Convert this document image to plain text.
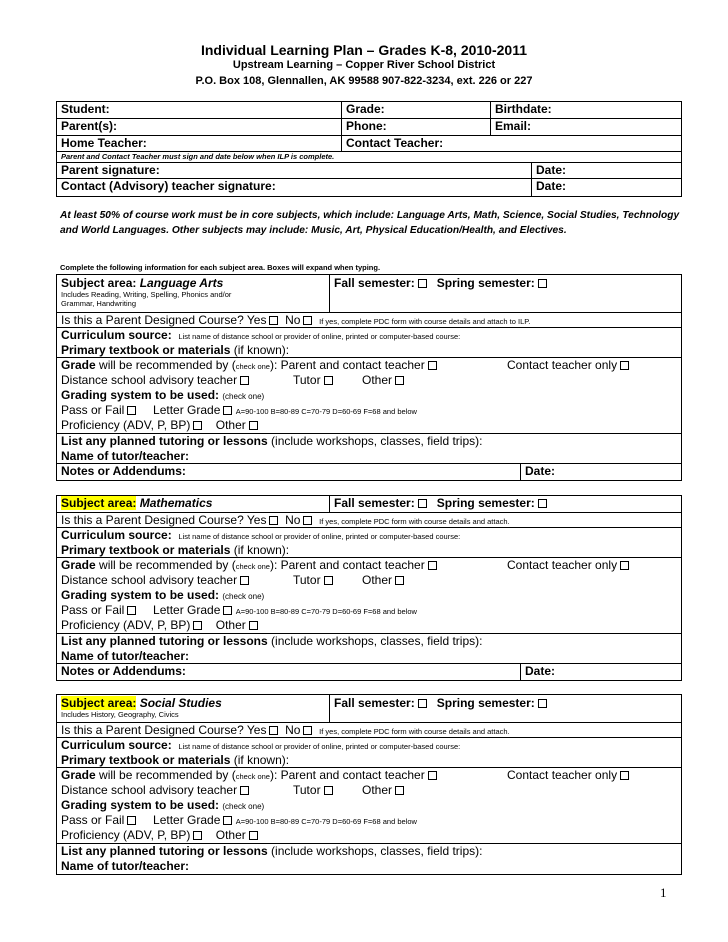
Individual Learning Plan – Grades K-8, 2010-2011
Upstream Learning – Copper River School District
P.O. Box 108, Glennallen, AK 99588 907-822-3234, ext. 226 or 227
Student:	Grade:	Birthdate:
Parent(s):	Phone:	Email:
Home Teacher:	Contact Teacher:
Parent and Contact Teacher must sign and date below when ILP is complete.
Parent signature:	Date:
Contact (Advisory) teacher signature:	Date:
At least 50% of course work must be in core subjects, which include: Language Arts, Math, Science, Social Studies, Technology and World Languages. Other subjects may include: Music, Art, Physical Education/Health, and Electives.
Complete the following information for each subject area. Boxes will expand when typing.
Subject area: Language Arts
Includes Reading, Writing, Spelling, Phonics and/or
Grammar, Handwriting
Fall semester: Spring semester:
Is this a Parent Designed Course? Yes No If yes, complete PDC form with course details and attach to ILP.
Curriculum source: List name of distance school or provider of online, printed or computer-based course:
Primary textbook or materials (if known):
Grade will be recommended by (check one): Parent and contact teacher	Contact teacher only
Distance school advisory teacher	Tutor	Other
Grading system to be used: (check one)
Pass or Fail Letter Grade A=90-100 B=80-89 C=70-79 D=60-69 F=68 and below
Proficiency (ADV, P, BP) Other
List any planned tutoring or lessons (include workshops, classes, field trips):
Name of tutor/teacher:
Notes or Addendums:	Date:
Subject area: Mathematics	Fall semester: Spring semester:
Is this a Parent Designed Course? Yes No If yes, complete PDC form with course details and attach.
Curriculum source: List name of distance school or provider of online, printed or computer-based course:
Primary textbook or materials (if known):
Grade will be recommended by (check one): Parent and contact teacher	Contact teacher only
Distance school advisory teacher	Tutor	Other
Grading system to be used: (check one)
Pass or Fail Letter Grade A=90-100 B=80-89 C=70-79 D=60-69 F=68 and below
Proficiency (ADV, P, BP) Other
List any planned tutoring or lessons (include workshops, classes, field trips):
Name of tutor/teacher:
Notes or Addendums:	Date:
Subject area: Social Studies
Includes History, Geography, Civics
Fall semester: Spring semester:
Is this a Parent Designed Course? Yes No If yes, complete PDC form with course details and attach.
Curriculum source: List name of distance school or provider of online, printed or computer-based course:
Primary textbook or materials (if known):
Grade will be recommended by (check one): Parent and contact teacher	Contact teacher only
Distance school advisory teacher	Tutor	Other
Grading system to be used: (check one)
Pass or Fail Letter Grade A=90-100 B=80-89 C=70-79 D=60-69 F=68 and below
Proficiency (ADV, P, BP) Other
List any planned tutoring or lessons (include workshops, classes, field trips):
Name of tutor/teacher:
1
